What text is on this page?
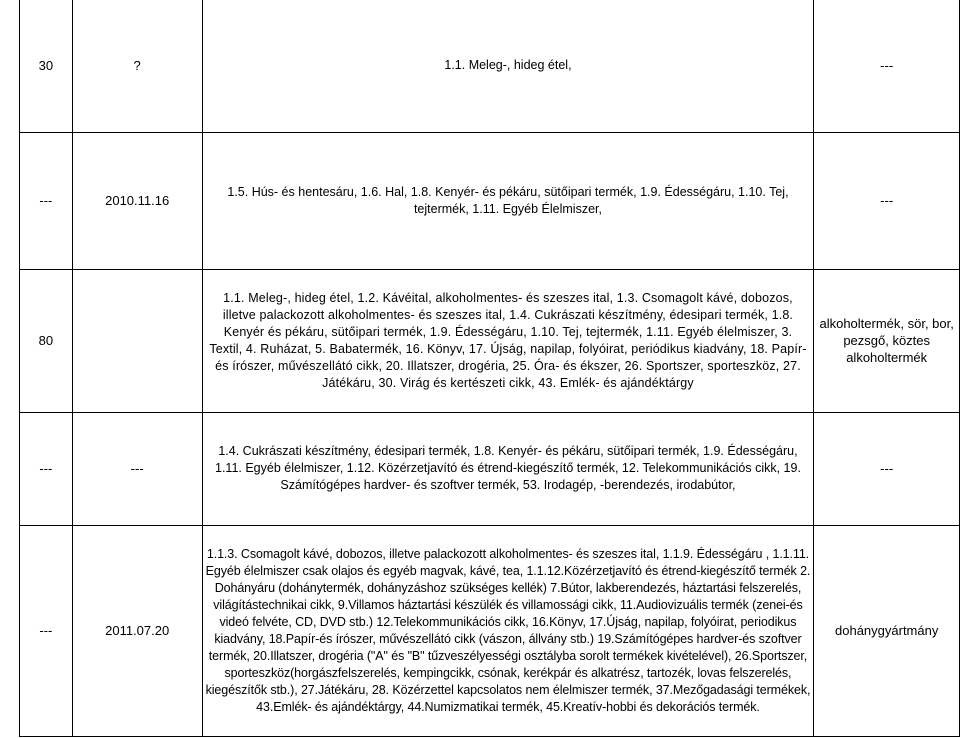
30	?	1.1. Meleg-, hideg étel,	---
---	2010.11.16	1.5. Hús- és hentesáru, 1.6. Hal, 1.8. Kenyér- és pékáru, sütőipari termék, 1.9. Édességáru, 1.10. Tej, tejtermék, 1.11. Egyéb Élelmiszer,	---
80		1.1. Meleg-, hideg étel, 1.2. Kávéital, alkoholmentes- és szeszes ital, 1.3. Csomagolt kávé, dobozos, illetve palackozott alkoholmentes- és szeszes ital, 1.4. Cukrászati készítmény, édesipari termék, 1.8. Kenyér és pékáru, sütőipari termék, 1.9. Édességáru, 1.10. Tej, tejtermék, 1.11. Egyéb élelmiszer, 3. Textil, 4. Ruházat, 5. Babatermék, 16. Könyv, 17. Újság, napilap, folyóirat, periódikus kiadvány, 18. Papír- és írószer, művészellátó cikk, 20. Illatszer, drogéria, 25. Óra- és ékszer, 26. Sportszer, sporteszköz, 27. Játékáru, 30. Virág és kertészeti cikk, 43. Emlék- és ajándéktárgy	alkoholtermék, sör, bor, pezsgő, köztes alkoholtermék
---	---	1.4. Cukrászati készítmény, édesipari termék, 1.8. Kenyér- és pékáru, sütőipari termék, 1.9. Édességáru, 1.11. Egyéb élelmiszer, 1.12. Közérzetjavító és étrend-kiegészítő termék, 12. Telekommunikációs cikk, 19. Számítógépes hardver- és szoftver termék, 53. Irodagép, -berendezés, irodabútor,	---
---	2011.07.20	1.1.3. Csomagolt kávé, dobozos, illetve palackozott alkoholmentes- és szeszes ital, 1.1.9. Édességáru , 1.1.11. Egyéb élelmiszer csak olajos és egyéb magvak, kávé, tea, 1.1.12.Közérzetjavító és étrend-kiegészítő termék 2. Dohányáru (dohánytermék, dohányzáshoz szükséges kellék) 7.Bútor, lakberendezés, háztartási felszerelés, világítástechnikai cikk, 9.Villamos háztartási készülék és villamossági cikk, 11.Audiovizuális termék (zenei-és videó felvéte, CD, DVD stb.) 12.Telekommunikációs cikk, 16.Könyv, 17.Újság, napilap, folyóirat, periodikus kiadvány, 18.Papír-és írószer, művészellátó cikk (vászon, állvány stb.) 19.Számítógépes hardver-és szoftver termék, 20.Illatszer, drogéria ("A" és "B" tűzveszélyességi osztályba sorolt termékek kivételével), 26.Sportszer, sporteszköz(horgászfelszerelés, kempingcikk, csónak, kerékpár és alkatrész, tartozék, lovas felszerelés, kiegészítők stb.), 27.Játékáru, 28. Közérzettel kapcsolatos nem élelmiszer termék, 37.Mezőgadasági termékek, 43.Emlék- és ajándéktárgy, 44.Numizmatikai termék, 45.Kreatív-hobbi és dekorációs termék.	dohánygyártmány
